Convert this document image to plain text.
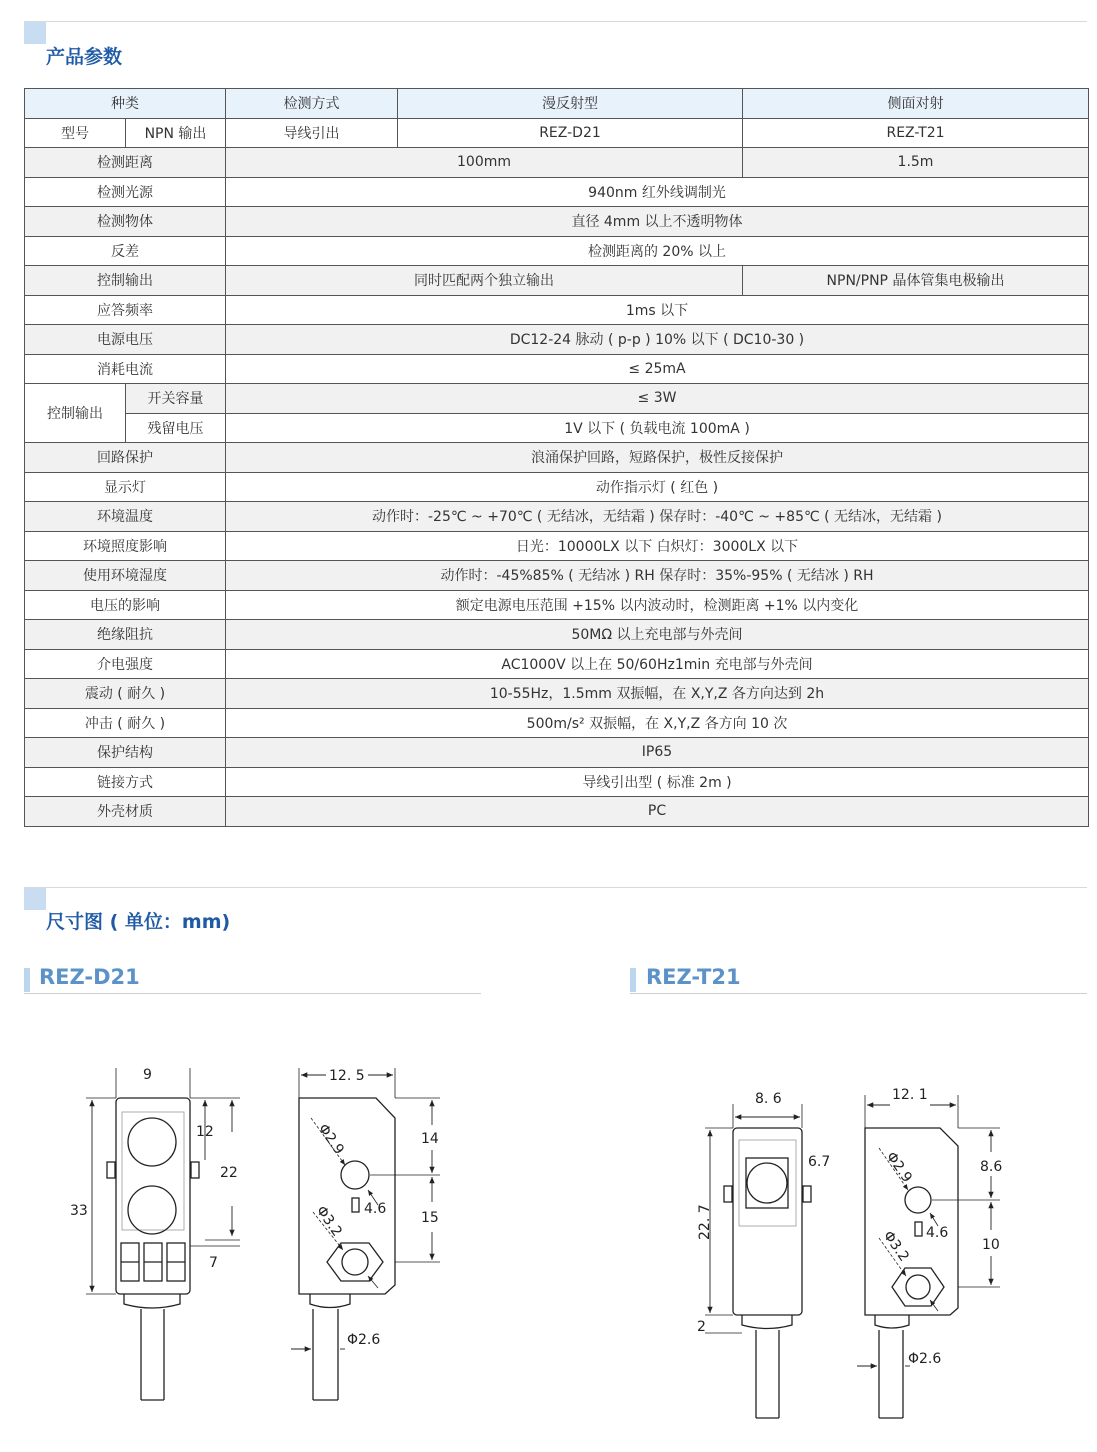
产品参数
种类		检测方式	漫反射型	侧面对射
型号	NPN 输出	导线引出	REZ-D21	REZ-T21
检测距离		100mm		1.5m
检测光源		940nm 红外线调制光		
检测物体		直径 4mm 以上不透明物体		
反差		检测距离的 20% 以上		
控制输出		同时匹配两个独立输出		NPN/PNP 晶体管集电极输出
应答频率		1ms 以下		
电源电压		DC12-24 脉动 ( p-p ) 10% 以下 ( DC10-30 )		
消耗电流		≤ 25mA		
控制输出	开关容量	≤ 3W		
	残留电压	1V 以下 ( 负载电流 100mA )		
回路保护		浪涌保护回路，短路保护，极性反接保护		
显示灯		动作指示灯 ( 红色 )		
环境温度		动作时：-25℃ ~ +70℃ ( 无结冰，无结霜 ) 保存时：-40℃ ~ +85℃ ( 无结冰，无结霜 )		
环境照度影响		日光：10000LX 以下 白炽灯：3000LX 以下		
使用环境湿度		动作时：-45%85% ( 无结冰 ) RH 保存时：35%-95% ( 无结冰 ) RH		
电压的影响		额定电源电压范围 +15% 以内波动时，检测距离 +1% 以内变化		
绝缘阻抗		50MΩ 以上充电部与外壳间		
介电强度		AC1000V 以上在 50/60Hz1min 充电部与外壳间		
震动 ( 耐久 )		10-55Hz，1.5mm 双振幅，在 X,Y,Z 各方向达到 2h		
冲击 ( 耐久 )		500m/s² 双振幅，在 X,Y,Z 各方向 10 次		
保护结构		IP65		
链接方式		导线引出型 ( 标准 2m )		
外壳材质		PC		
尺寸图 ( 单位：mm)
REZ-D21	REZ-T21
9
33
12
22
7
12. 5
14
15
4.6
Φ2.9
Φ3.2
Φ2.6
8. 6
22. 7
6.7
2
12. 1
8.6
10
4.6
Φ2.9
Φ3.2
Φ2.6
